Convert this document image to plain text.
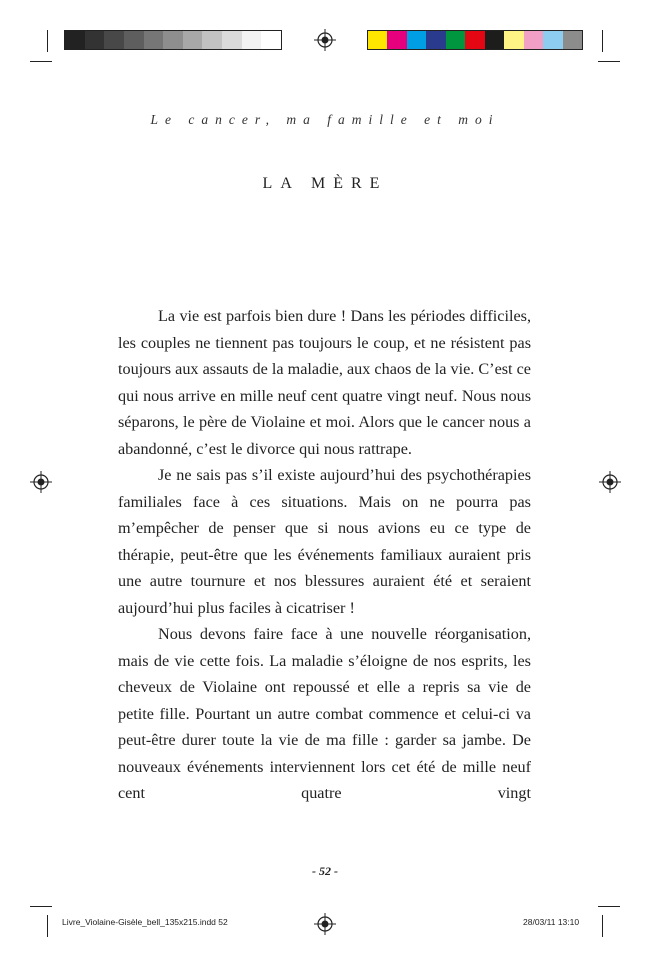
Le cancer, ma famille et moi
LA MÈRE

La vie est parfois bien dure ! Dans les périodes difficiles, les couples ne tiennent pas toujours le coup, et ne résistent pas toujours aux assauts de la maladie, aux chaos de la vie. C’est ce qui nous arrive en mille neuf cent quatre vingt neuf. Nous nous séparons, le père de Violaine et moi. Alors que le cancer nous a abandonné, c’est le divorce qui nous rattrape.

Je ne sais pas s’il existe aujourd’hui des psychothérapies familiales face à ces situations. Mais on ne pourra pas m’empêcher de penser que si nous avions eu ce type de thérapie, peut-être que les événements familiaux auraient pris une autre tournure et nos blessures auraient été et seraient aujourd’hui plus faciles à cicatriser !

Nous devons faire face à une nouvelle réorganisation, mais de vie cette fois. La maladie s’éloigne de nos esprits, les cheveux de Violaine ont repoussé et elle a repris sa vie de petite fille. Pourtant un autre combat commence et celui-ci va peut-être durer toute la vie de ma fille : garder sa jambe. De nouveaux événements interviennent lors cet été de mille neuf cent quatre vingt

- 52 -
Livre_Violaine-Gisèle_bell_135x215.indd 52	28/03/11 13:10
